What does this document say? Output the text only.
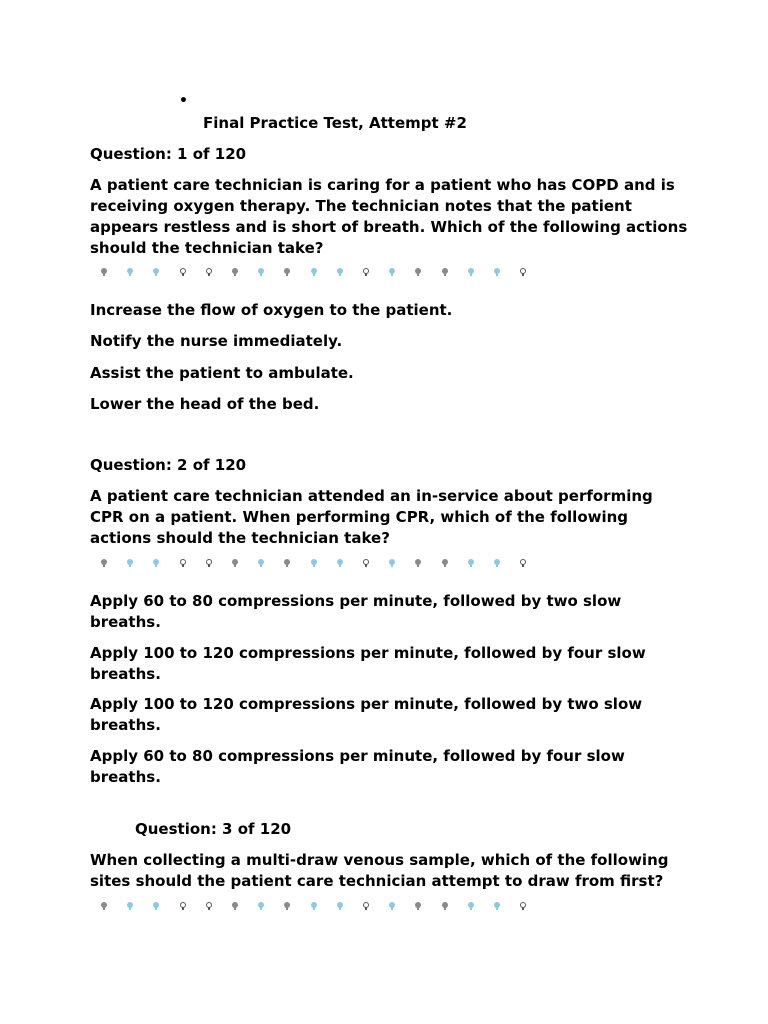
•
Final Practice Test, Attempt #2
Question: 1 of 120
A patient care technician is caring for a patient who has COPD and is receiving oxygen therapy. The technician notes that the patient appears restless and is short of breath. Which of the following actions should the technician take?
Increase the flow of oxygen to the patient.
Notify the nurse immediately.
Assist the patient to ambulate.
Lower the head of the bed.
Question: 2 of 120
A patient care technician attended an in-service about performing CPR on a patient. When performing CPR, which of the following actions should the technician take?
Apply 60 to 80 compressions per minute, followed by two slow breaths.
Apply 100 to 120 compressions per minute, followed by four slow breaths.
Apply 100 to 120 compressions per minute, followed by two slow breaths.
Apply 60 to 80 compressions per minute, followed by four slow breaths.
Question: 3 of 120
When collecting a multi-draw venous sample, which of the following sites should the patient care technician attempt to draw from first?
